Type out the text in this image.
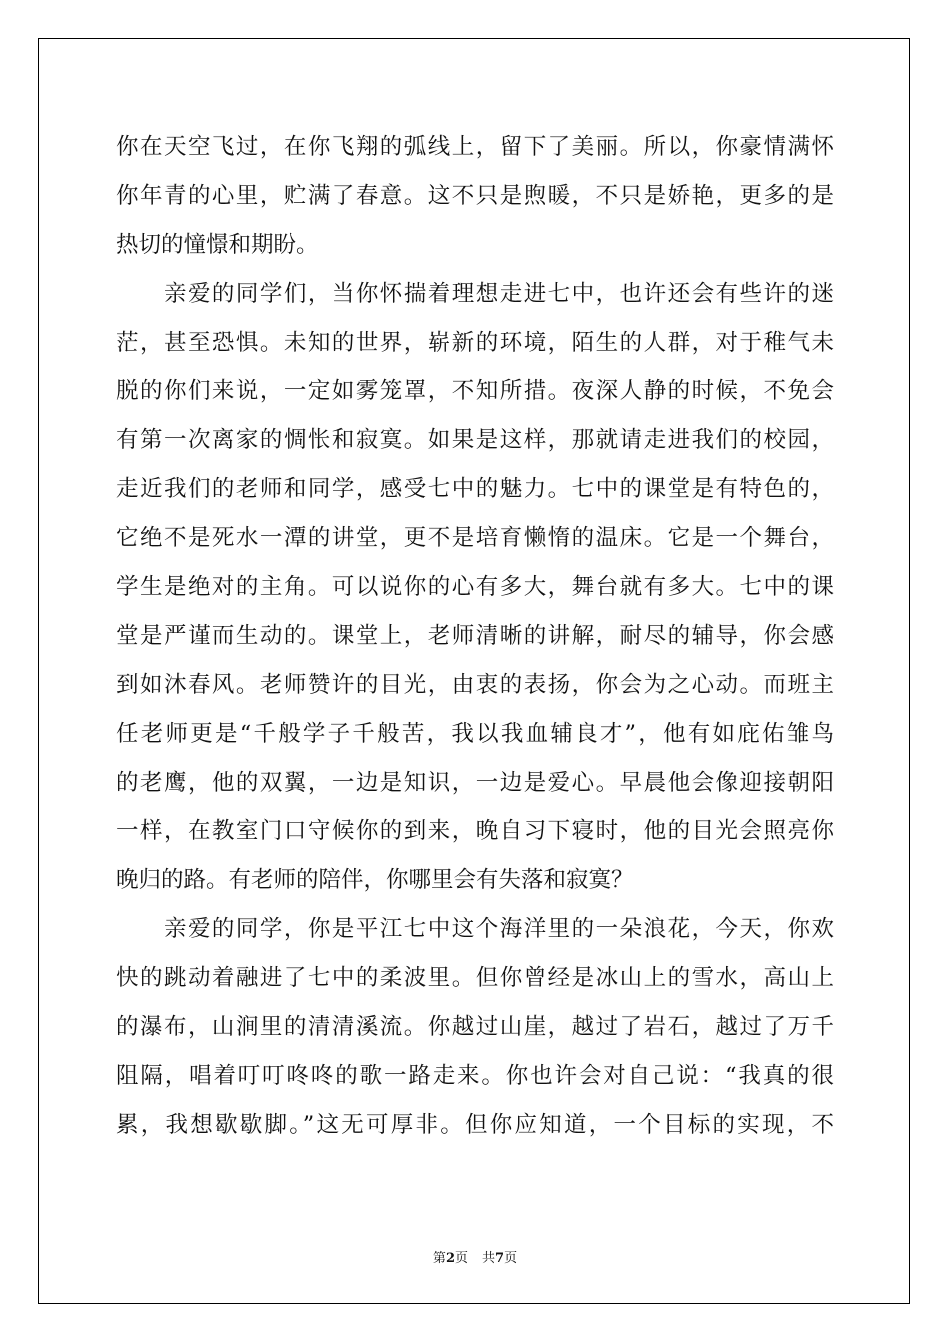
你在天空飞过，在你飞翔的弧线上，留下了美丽。所以，你豪情满怀
你年青的心里，贮满了春意。这不只是煦暖，不只是娇艳，更多的是
热切的憧憬和期盼。
　　亲爱的同学们，当你怀揣着理想走进七中，也许还会有些许的迷
茫，甚至恐惧。未知的世界，崭新的环境，陌生的人群，对于稚气未
脱的你们来说，一定如雾笼罩，不知所措。夜深人静的时候，不免会
有第一次离家的惆怅和寂寞。如果是这样，那就请走进我们的校园，
走近我们的老师和同学，感受七中的魅力。七中的课堂是有特色的，
它绝不是死水一潭的讲堂，更不是培育懒惰的温床。它是一个舞台，
学生是绝对的主角。可以说你的心有多大，舞台就有多大。七中的课
堂是严谨而生动的。课堂上，老师清晰的讲解，耐尽的辅导，你会感
到如沐春风。老师赞许的目光，由衷的表扬，你会为之心动。而班主
任老师更是“千般学子千般苦，我以我血辅良才”，他有如庇佑雏鸟
的老鹰，他的双翼，一边是知识，一边是爱心。早晨他会像迎接朝阳
一样，在教室门口守候你的到来，晚自习下寝时，他的目光会照亮你
晚归的路。有老师的陪伴，你哪里会有失落和寂寞？
　　亲爱的同学，你是平江七中这个海洋里的一朵浪花，今天，你欢
快的跳动着融进了七中的柔波里。但你曾经是冰山上的雪水，高山上
的瀑布，山涧里的清清溪流。你越过山崖，越过了岩石，越过了万千
阻隔，唱着叮叮咚咚的歌一路走来。你也许会对自己说：“我真的很
累，我想歇歇脚。”这无可厚非。但你应知道，一个目标的实现，不
第2页 共7页
